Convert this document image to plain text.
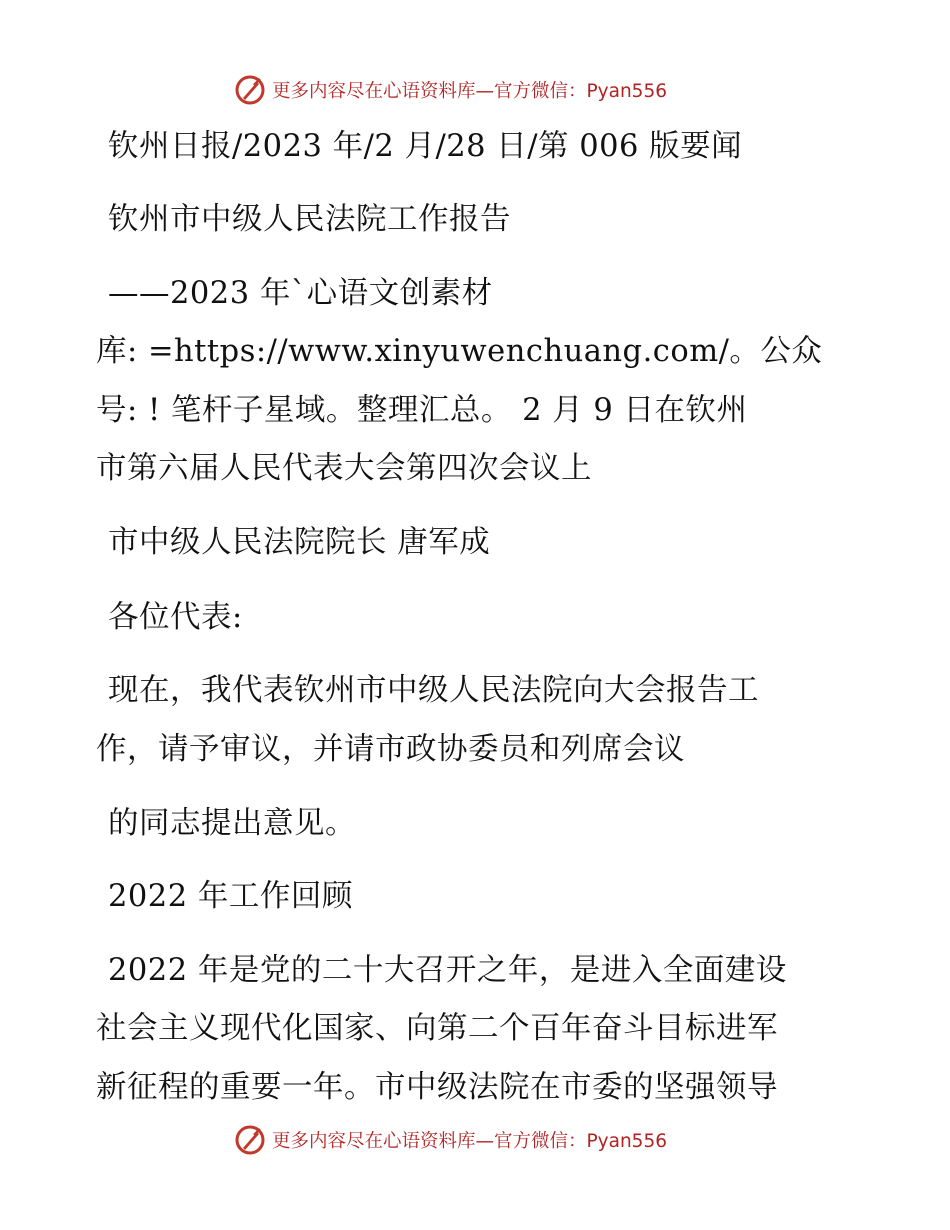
更多内容尽在心语资料库—官方微信：Pyan556

钦州日报/2023 年/2 月/28 日/第 006 版要闻

钦州市中级人民法院工作报告

——2023 年`心语文创素材

库: =https://www.xinyuwenchuang.com/。公众

号: ! 笔杆子星域。整理汇总。 2 月 9 日在钦州

市第六届人民代表大会第四次会议上

市中级人民法院院长 唐军成

各位代表:

现在，我代表钦州市中级人民法院向大会报告工

作，请予审议，并请市政协委员和列席会议

的同志提出意见。

2022 年工作回顾

2022 年是党的二十大召开之年，是进入全面建设

社会主义现代化国家、向第二个百年奋斗目标进军

新征程的重要一年。市中级法院在市委的坚强领导

更多内容尽在心语资料库—官方微信：Pyan556
